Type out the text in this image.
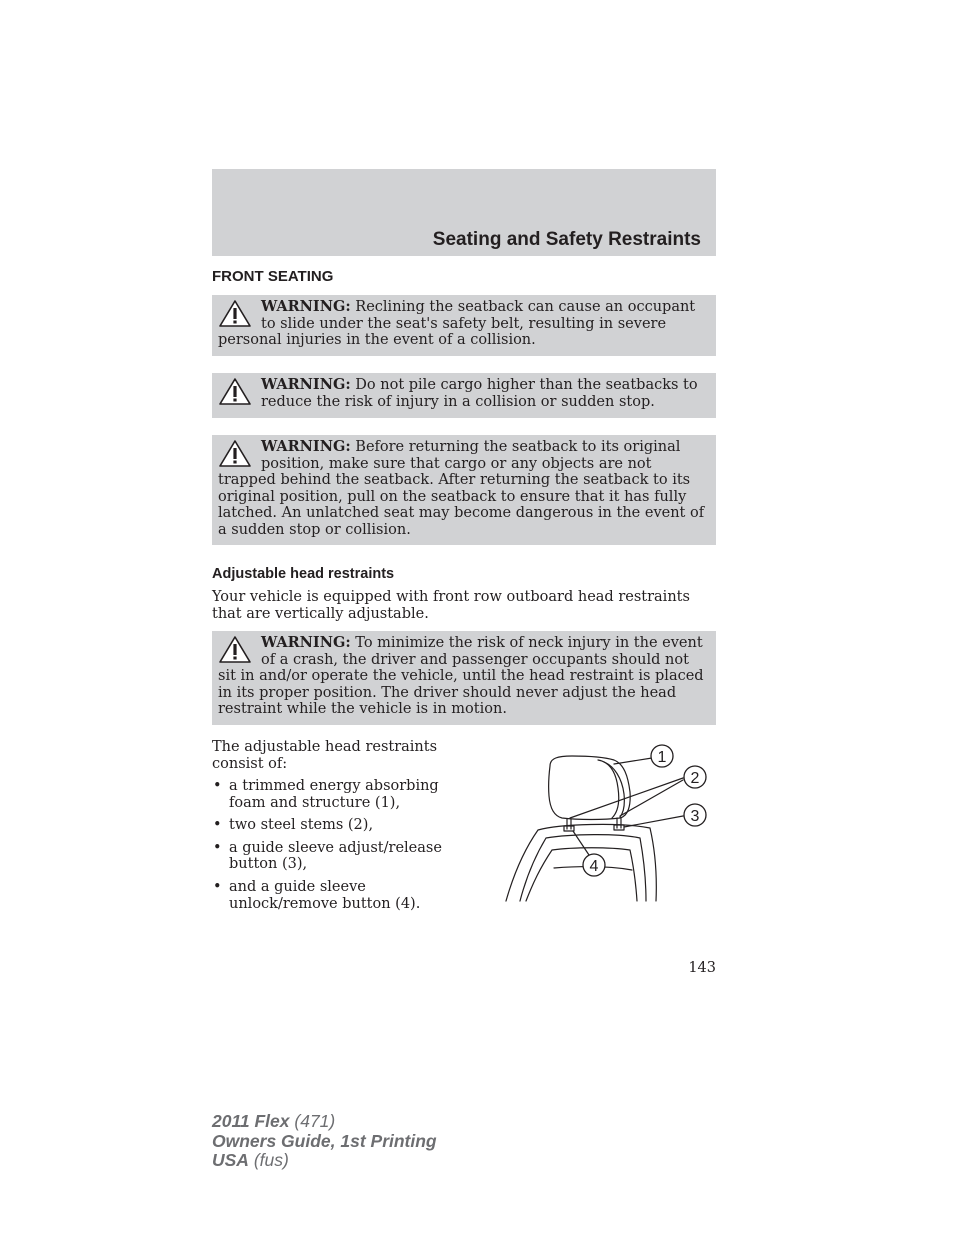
Seating and Safety Restraints
FRONT SEATING
WARNING: Reclining the seatback can cause an occupant to slide under the seat's safety belt, resulting in severe personal injuries in the event of a collision.
WARNING: Do not pile cargo higher than the seatbacks to reduce the risk of injury in a collision or sudden stop.
WARNING: Before returning the seatback to its original position, make sure that cargo or any objects are not trapped behind the seatback. After returning the seatback to its original position, pull on the seatback to ensure that it has fully latched. An unlatched seat may become dangerous in the event of a sudden stop or collision.
Adjustable head restraints
Your vehicle is equipped with front row outboard head restraints that are vertically adjustable.
WARNING: To minimize the risk of neck injury in the event of a crash, the driver and passenger occupants should not sit in and/or operate the vehicle, until the head restraint is placed in its proper position. The driver should never adjust the head restraint while the vehicle is in motion.
The adjustable head restraints consist of:
• a trimmed energy absorbing foam and structure (1),
• two steel stems (2),
• a guide sleeve adjust/release button (3),
• and a guide sleeve unlock/remove button (4).
1
2
3
4
143
2011 Flex (471)
Owners Guide, 1st Printing
USA (fus)
